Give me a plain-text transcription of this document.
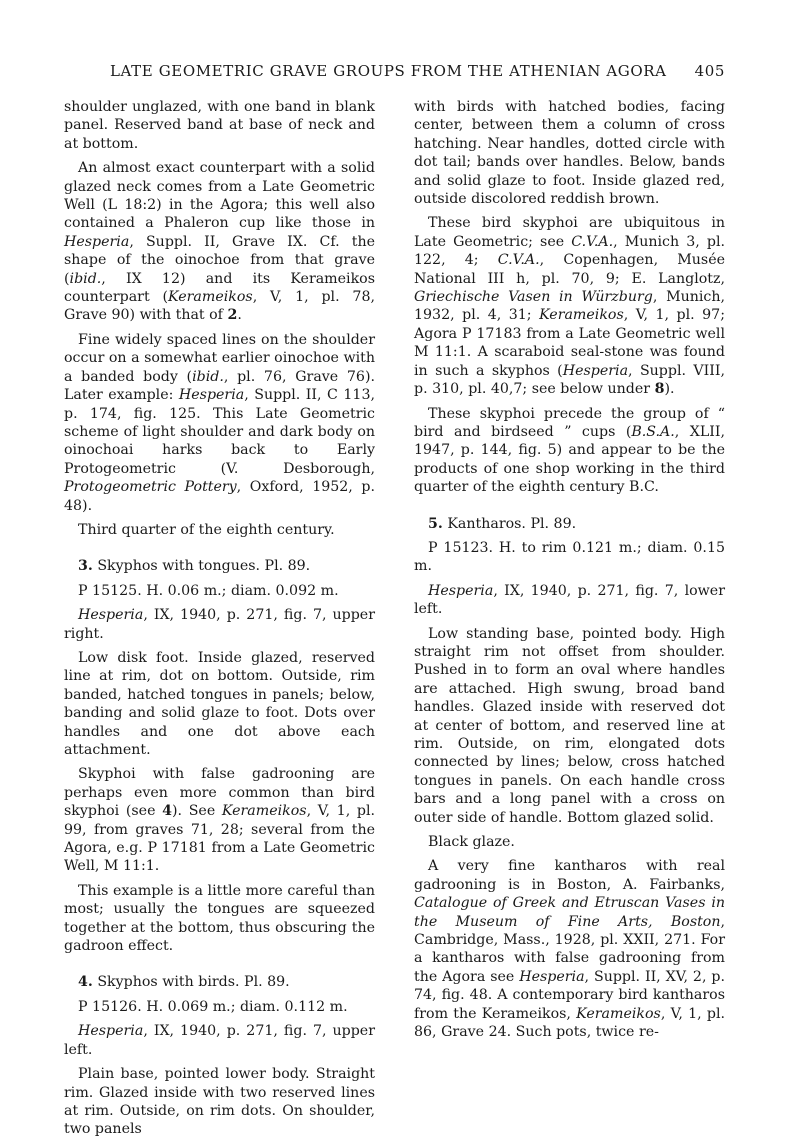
LATE GEOMETRIC GRAVE GROUPS FROM THE ATHENIAN AGORA 405

shoulder unglazed, with one band in blank panel. Reserved band at base of neck and at bottom.

An almost exact counterpart with a solid glazed neck comes from a Late Geometric Well (L 18:2) in the Agora; this well also contained a Phaleron cup like those in Hesperia, Suppl. II, Grave IX. Cf. the shape of the oinochoe from that grave (ibid., IX 12) and its Kerameikos counterpart (Kerameikos, V, 1, pl. 78, Grave 90) with that of 2.

Fine widely spaced lines on the shoulder occur on a somewhat earlier oinochoe with a banded body (ibid., pl. 76, Grave 76). Later example: Hesperia, Suppl. II, C 113, p. 174, fig. 125. This Late Geometric scheme of light shoulder and dark body on oinochoai harks back to Early Protogeometric (V. Desborough, Protogeometric Pottery, Oxford, 1952, p. 48).

Third quarter of the eighth century.

3. Skyphos with tongues. Pl. 89.

P 15125. H. 0.06 m.; diam. 0.092 m.

Hesperia, IX, 1940, p. 271, fig. 7, upper right.

Low disk foot. Inside glazed, reserved line at rim, dot on bottom. Outside, rim banded, hatched tongues in panels; below, banding and solid glaze to foot. Dots over handles and one dot above each attachment.

Skyphoi with false gadrooning are perhaps even more common than bird skyphoi (see 4). See Kerameikos, V, 1, pl. 99, from graves 71, 28; several from the Agora, e.g. P 17181 from a Late Geometric Well, M 11:1.

This example is a little more careful than most; usually the tongues are squeezed together at the bottom, thus obscuring the gadroon effect.

4. Skyphos with birds. Pl. 89.

P 15126. H. 0.069 m.; diam. 0.112 m.

Hesperia, IX, 1940, p. 271, fig. 7, upper left.

Plain base, pointed lower body. Straight rim. Glazed inside with two reserved lines at rim. Outside, on rim dots. On shoulder, two panels

with birds with hatched bodies, facing center, between them a column of cross hatching. Near handles, dotted circle with dot tail; bands over handles. Below, bands and solid glaze to foot. Inside glazed red, outside discolored reddish brown.

These bird skyphoi are ubiquitous in Late Geometric; see C.V.A., Munich 3, pl. 122, 4; C.V.A., Copenhagen, Musée National III h, pl. 70, 9; E. Langlotz, Griechische Vasen in Würzburg, Munich, 1932, pl. 4, 31; Kerameikos, V, 1, pl. 97; Agora P 17183 from a Late Geometric well M 11:1. A scaraboid seal-stone was found in such a skyphos (Hesperia, Suppl. VIII, p. 310, pl. 40,7; see below under 8).

These skyphoi precede the group of “ bird and birdseed ” cups (B.S.A., XLII, 1947, p. 144, fig. 5) and appear to be the products of one shop working in the third quarter of the eighth century B.C.

5. Kantharos. Pl. 89.

P 15123. H. to rim 0.121 m.; diam. 0.15 m.

Hesperia, IX, 1940, p. 271, fig. 7, lower left.

Low standing base, pointed body. High straight rim not offset from shoulder. Pushed in to form an oval where handles are attached. High swung, broad band handles. Glazed inside with reserved dot at center of bottom, and reserved line at rim. Outside, on rim, elongated dots connected by lines; below, cross hatched tongues in panels. On each handle cross bars and a long panel with a cross on outer side of handle. Bottom glazed solid.

Black glaze.

A very fine kantharos with real gadrooning is in Boston, A. Fairbanks, Catalogue of Greek and Etruscan Vases in the Museum of Fine Arts, Boston, Cambridge, Mass., 1928, pl. XXII, 271. For a kantharos with false gadrooning from the Agora see Hesperia, Suppl. II, XV, 2, p. 74, fig. 48. A contemporary bird kantharos from the Kerameikos, Kerameikos, V, 1, pl. 86, Grave 24. Such pots, twice re-
